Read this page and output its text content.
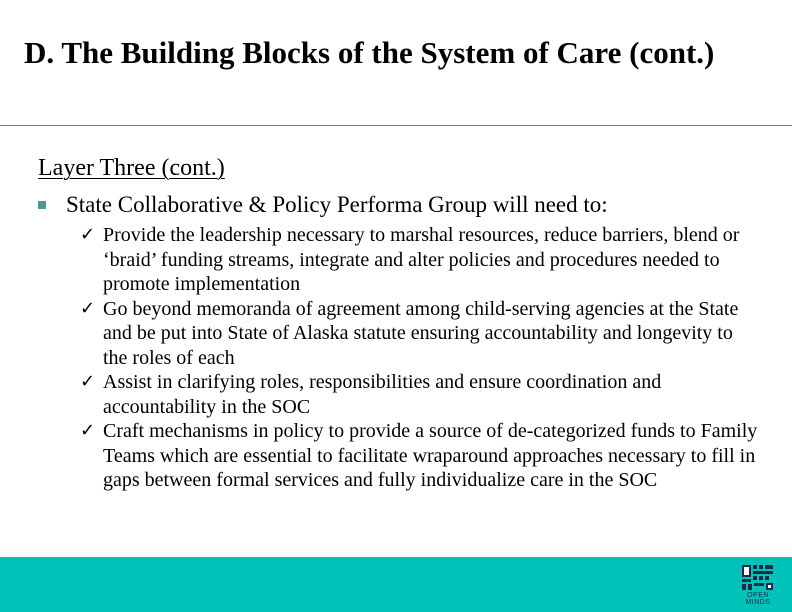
D. The Building Blocks of the System of Care (cont.)
Layer Three (cont.)
State Collaborative & Policy Performa Group will need to:
✓ Provide the leadership necessary to marshal resources, reduce barriers, blend or ‘braid’ funding streams, integrate and alter policies and procedures needed to promote implementation
✓ Go beyond memoranda of agreement among child-serving agencies at the State and be put into State of Alaska statute ensuring accountability and longevity to the roles of each
✓ Assist in clarifying roles, responsibilities and ensure coordination and accountability in the SOC
✓ Craft mechanisms in policy to provide a source of de-categorized funds to Family Teams which are essential to facilitate wraparound approaches necessary to fill in gaps between formal services and fully individualize care in the SOC
OPEN
MINDS
